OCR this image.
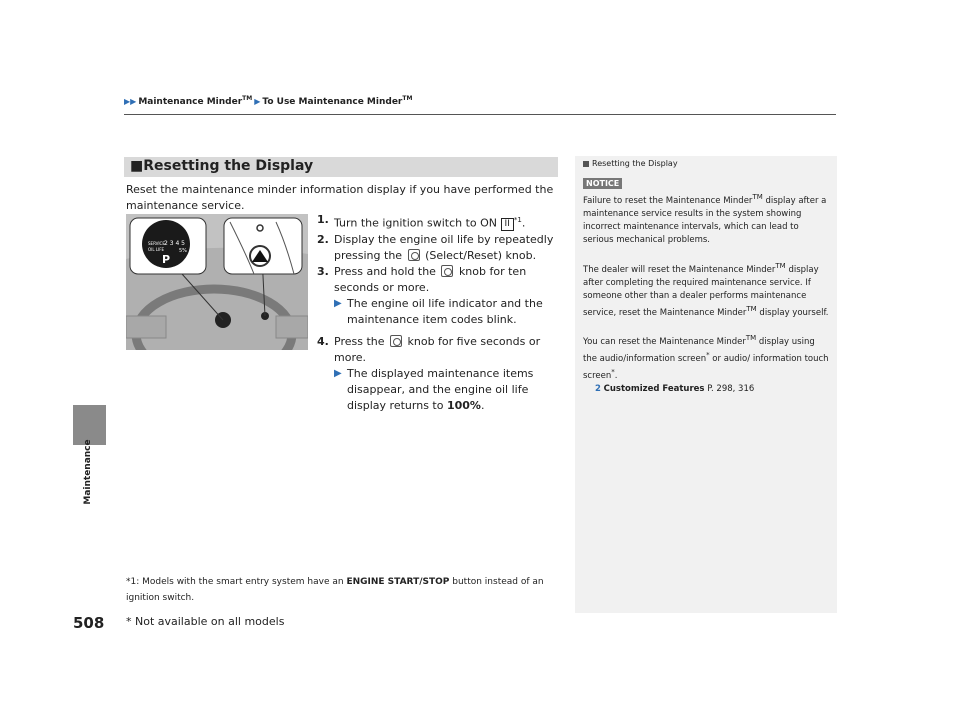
▶▶ Maintenance Minder™ ▶ To Use Maintenance Minder™
Maintenance
508
■Resetting the Display
Reset the maintenance minder information display if you have performed the maintenance service.
SERVICE
OIL LIFE
2 3 4 5
5%
P
1. Turn the ignition switch to ON II $^{*1}$.
2. Display the engine oil life by repeatedly pressing the (Select/Reset) knob.
3. Press and hold the knob for ten seconds or more.
▶ The engine oil life indicator and the maintenance item codes blink.
4. Press the knob for five seconds or more.
▶ The displayed maintenance items disappear, and the engine oil life display returns to 100%.
*1: Models with the smart entry system have an ENGINE START/STOP button instead of an ignition switch.
* Not available on all models
Resetting the Display
NOTICE

Failure to reset the Maintenance Minder™ display after a maintenance service results in the system showing incorrect maintenance intervals, which can lead to serious mechanical problems.

The dealer will reset the Maintenance Minder™ display after completing the required maintenance service. If someone other than a dealer performs maintenance service, reset the Maintenance Minder™ display yourself.

You can reset the Maintenance Minder™ display using the audio/information screen* or audio/ information touch screen*.

2 Customized Features P. 298, 316
